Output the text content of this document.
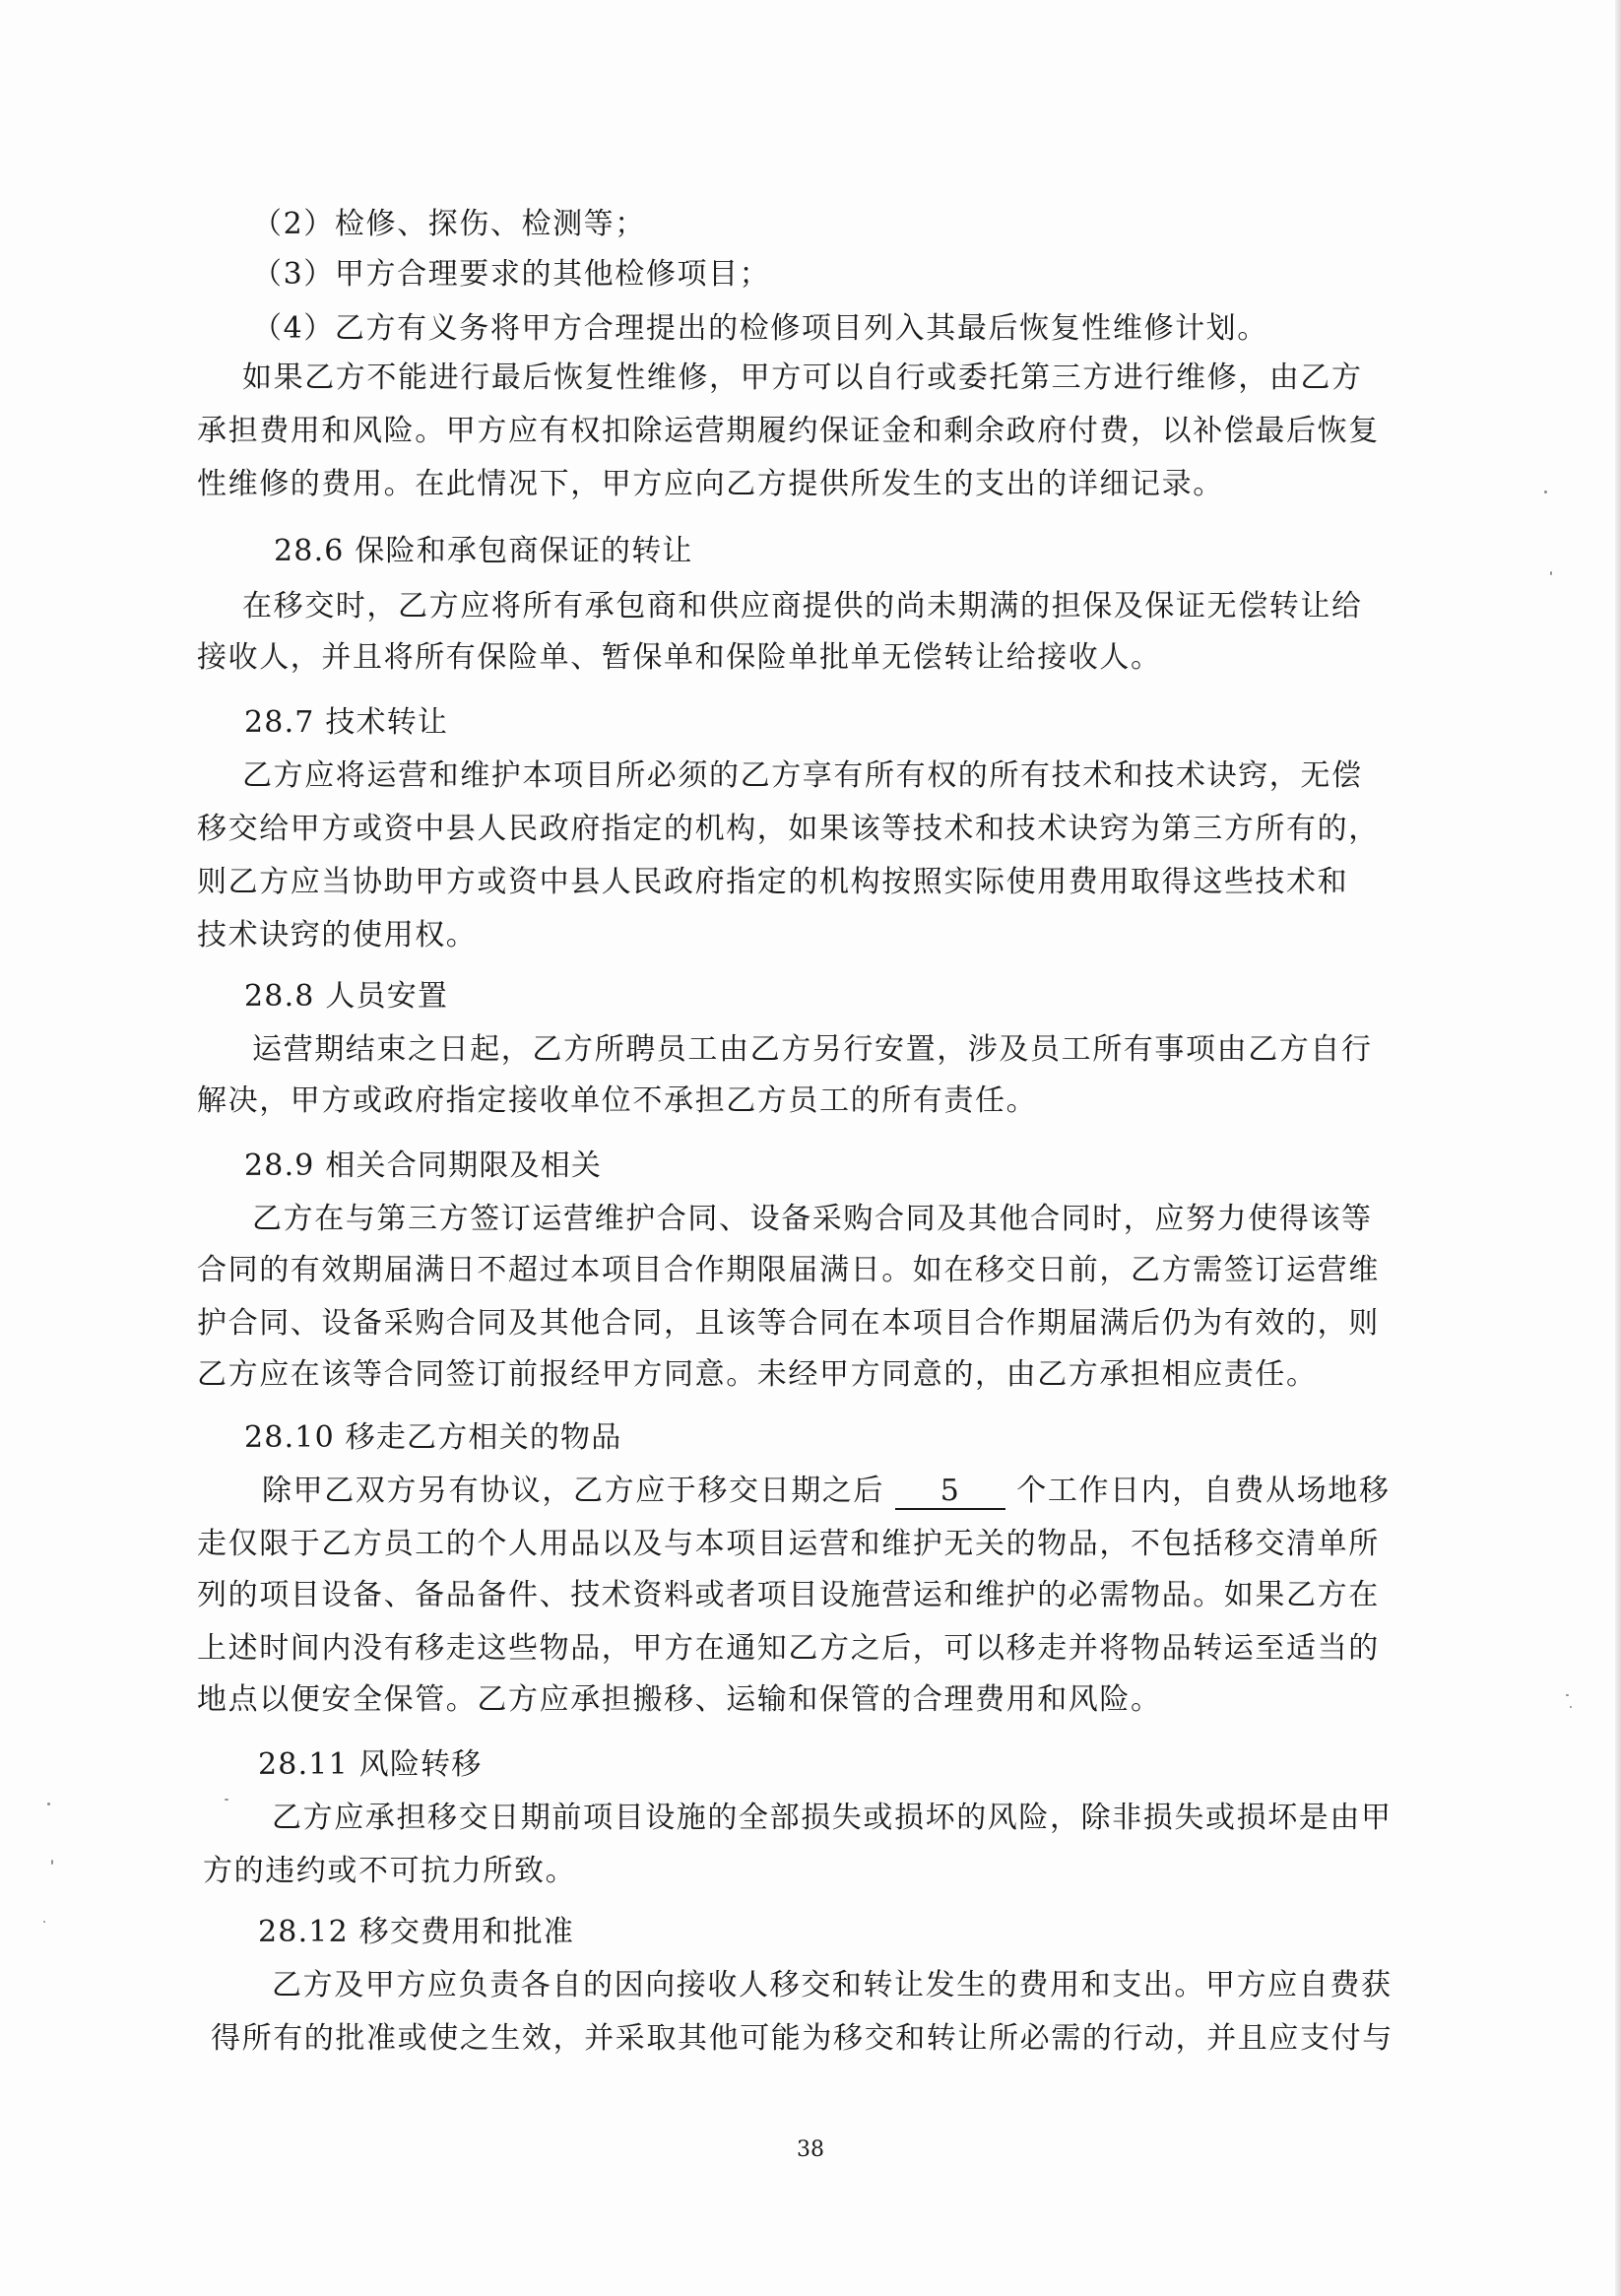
（2）检修、探伤、检测等；
（3）甲方合理要求的其他检修项目；
（4）乙方有义务将甲方合理提出的检修项目列入其最后恢复性维修计划。
如果乙方不能进行最后恢复性维修，甲方可以自行或委托第三方进行维修，由乙方
承担费用和风险。甲方应有权扣除运营期履约保证金和剩余政府付费，以补偿最后恢复
性维修的费用。在此情况下，甲方应向乙方提供所发生的支出的详细记录。
28.6 保险和承包商保证的转让
在移交时，乙方应将所有承包商和供应商提供的尚未期满的担保及保证无偿转让给
接收人，并且将所有保险单、暂保单和保险单批单无偿转让给接收人。
28.7 技术转让
乙方应将运营和维护本项目所必须的乙方享有所有权的所有技术和技术诀窍，无偿
移交给甲方或资中县人民政府指定的机构，如果该等技术和技术诀窍为第三方所有的，
则乙方应当协助甲方或资中县人民政府指定的机构按照实际使用费用取得这些技术和
技术诀窍的使用权。
28.8 人员安置
运营期结束之日起，乙方所聘员工由乙方另行安置，涉及员工所有事项由乙方自行
解决，甲方或政府指定接收单位不承担乙方员工的所有责任。
28.9 相关合同期限及相关
乙方在与第三方签订运营维护合同、设备采购合同及其他合同时，应努力使得该等
合同的有效期届满日不超过本项目合作期限届满日。如在移交日前，乙方需签订运营维
护合同、设备采购合同及其他合同，且该等合同在本项目合作期届满后仍为有效的，则
乙方应在该等合同签订前报经甲方同意。未经甲方同意的，由乙方承担相应责任。
28.10 移走乙方相关的物品
除甲乙双方另有协议，乙方应于移交日期之后 5 个工作日内，自费从场地移
走仅限于乙方员工的个人用品以及与本项目运营和维护无关的物品，不包括移交清单所
列的项目设备、备品备件、技术资料或者项目设施营运和维护的必需物品。如果乙方在
上述时间内没有移走这些物品，甲方在通知乙方之后，可以移走并将物品转运至适当的
地点以便安全保管。乙方应承担搬移、运输和保管的合理费用和风险。
28.11 风险转移
乙方应承担移交日期前项目设施的全部损失或损坏的风险，除非损失或损坏是由甲
方的违约或不可抗力所致。
28.12 移交费用和批准
乙方及甲方应负责各自的因向接收人移交和转让发生的费用和支出。甲方应自费获
得所有的批准或使之生效，并采取其他可能为移交和转让所必需的行动，并且应支付与
38
